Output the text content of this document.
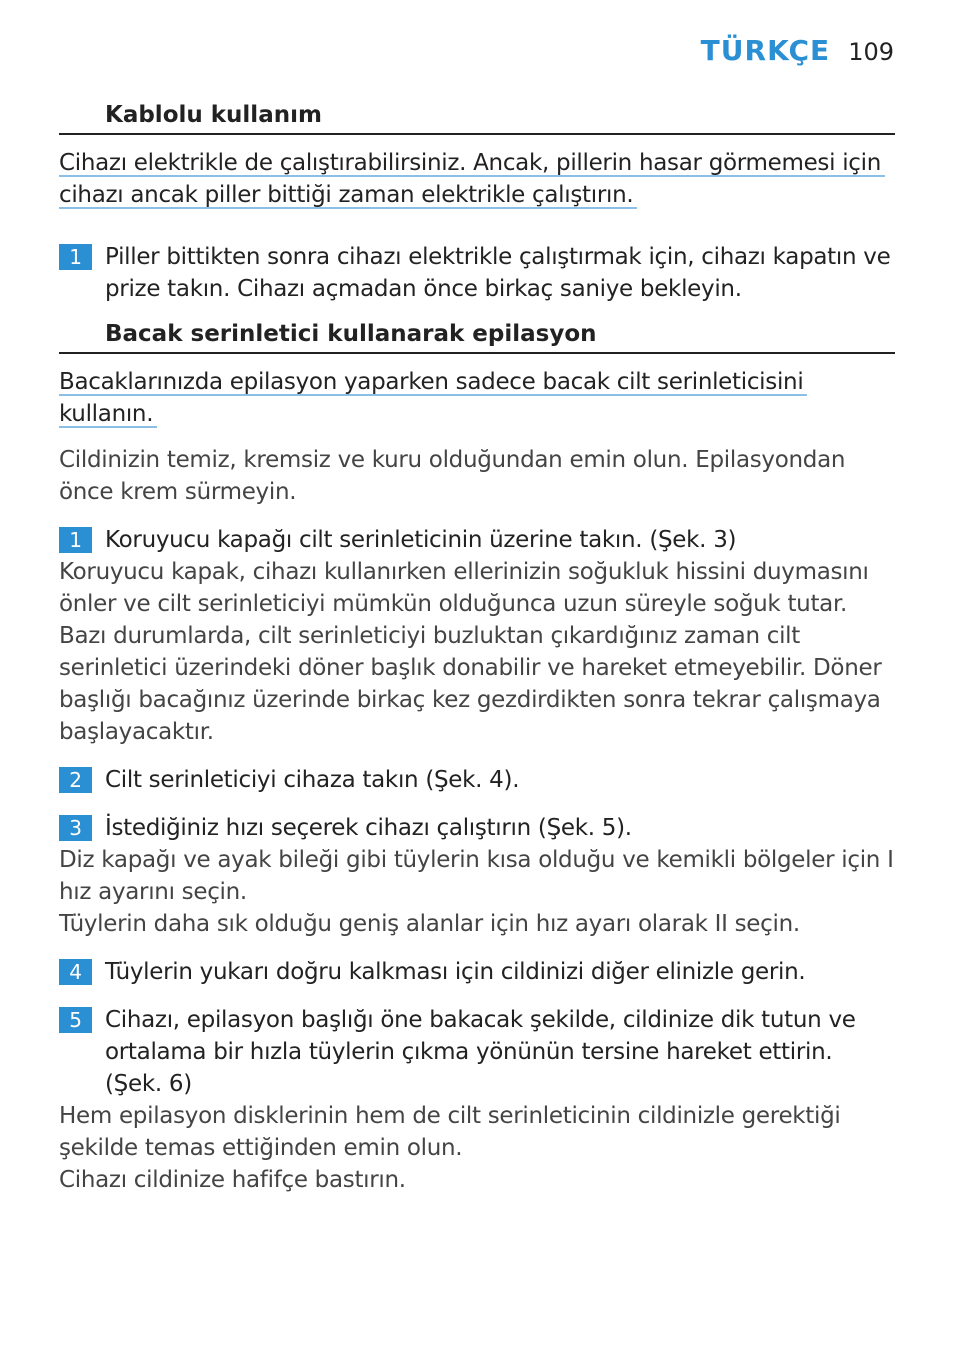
TÜRKÇE 109
Kablolu kullanım

Cihazı elektrikle de çalıştırabilirsiniz. Ancak, pillerin hasar görmemesi için cihazı ancak piller bittiği zaman elektrikle çalıştırın.

1	Piller bittikten sonra cihazı elektrikle çalıştırmak için, cihazı kapatın ve prize takın. Cihazı açmadan önce birkaç saniye bekleyin.
Bacak serinletici kullanarak epilasyon

Bacaklarınızda epilasyon yaparken sadece bacak cilt serinleticisini kullanın.

Cildinizin temiz, kremsiz ve kuru olduğundan emin olun. Epilasyondan önce krem sürmeyin.

1	Koruyucu kapağı cilt serinleticinin üzerine takın. (Şek. 3)

Koruyucu kapak, cihazı kullanırken ellerinizin soğukluk hissini duymasını önler ve cilt serinleticiyi mümkün olduğunca uzun süreyle soğuk tutar.

Bazı durumlarda, cilt serinleticiyi buzluktan çıkardığınız zaman cilt serinletici üzerindeki döner başlık donabilir ve hareket etmeyebilir. Döner başlığı bacağınız üzerinde birkaç kez gezdirdikten sonra tekrar çalışmaya başlayacaktır.

2	Cilt serinleticiyi cihaza takın (Şek. 4).
3	İstediğiniz hızı seçerek cihazı çalıştırın (Şek. 5).

Diz kapağı ve ayak bileği gibi tüylerin kısa olduğu ve kemikli bölgeler için I hız ayarını seçin.

Tüylerin daha sık olduğu geniş alanlar için hız ayarı olarak II seçin.

4	Tüylerin yukarı doğru kalkması için cildinizi diğer elinizle gerin.
5	Cihazı, epilasyon başlığı öne bakacak şekilde, cildinize dik tutun ve ortalama bir hızla tüylerin çıkma yönünün tersine hareket ettirin. (Şek. 6)

Hem epilasyon disklerinin hem de cilt serinleticinin cildinizle gerektiği şekilde temas ettiğinden emin olun.

Cihazı cildinize hafifçe bastırın.
